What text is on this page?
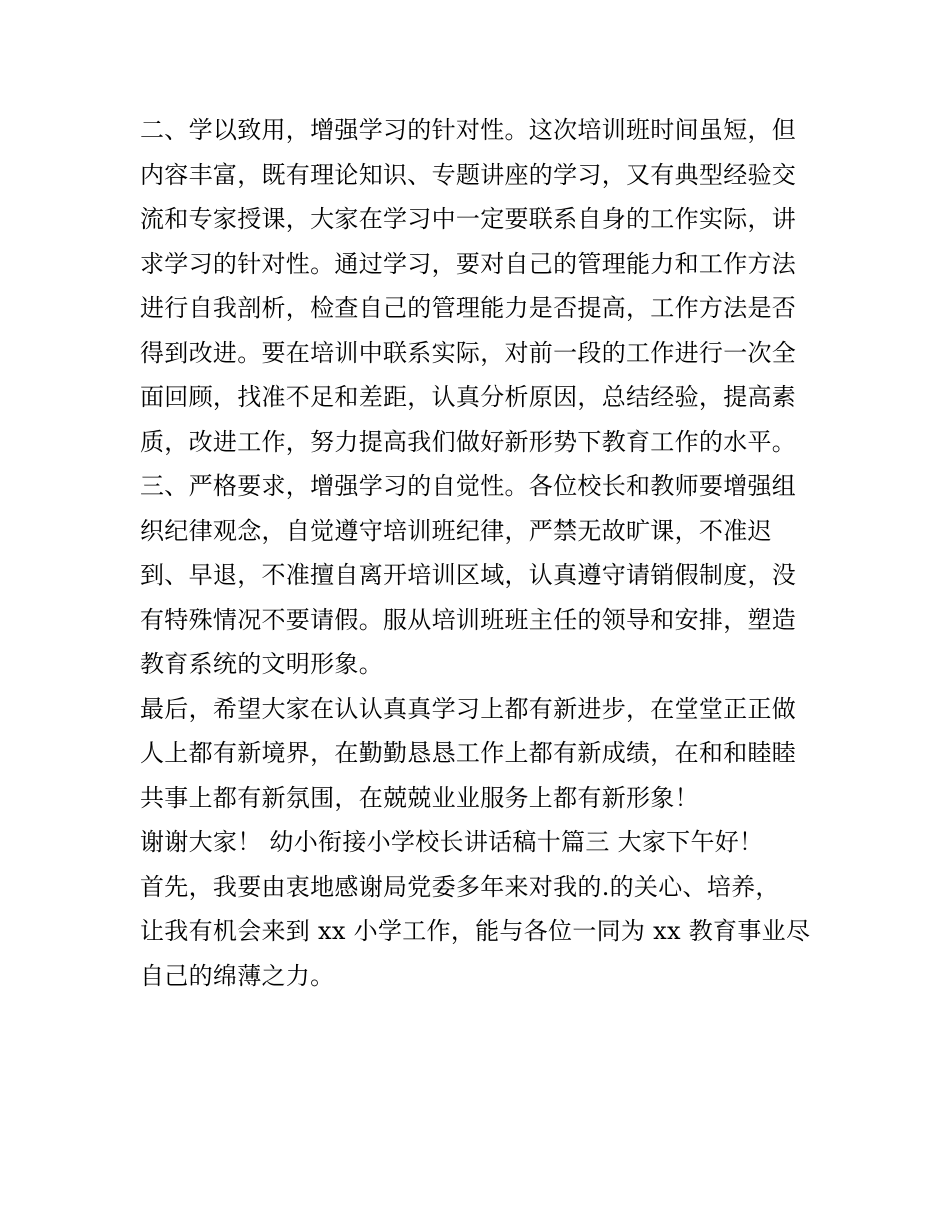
二、学以致用，增强学习的针对性。这次培训班时间虽短，但
内容丰富，既有理论知识、专题讲座的学习，又有典型经验交
流和专家授课，大家在学习中一定要联系自身的工作实际，讲
求学习的针对性。通过学习，要对自己的管理能力和工作方法
进行自我剖析，检查自己的管理能力是否提高，工作方法是否
得到改进。要在培训中联系实际，对前一段的工作进行一次全
面回顾，找准不足和差距，认真分析原因，总结经验，提高素
质，改进工作，努力提高我们做好新形势下教育工作的水平。
三、严格要求，增强学习的自觉性。各位校长和教师要增强组
织纪律观念，自觉遵守培训班纪律，严禁无故旷课，不准迟
到、早退，不准擅自离开培训区域，认真遵守请销假制度，没
有特殊情况不要请假。服从培训班班主任的领导和安排，塑造
教育系统的文明形象。
最后，希望大家在认认真真学习上都有新进步，在堂堂正正做
人上都有新境界，在勤勤恳恳工作上都有新成绩，在和和睦睦
共事上都有新氛围，在兢兢业业服务上都有新形象！
谢谢大家！ 幼小衔接小学校长讲话稿十篇三 大家下午好！
首先，我要由衷地感谢局党委多年来对我的.的关心、培养，
让我有机会来到 xx 小学工作，能与各位一同为 xx 教育事业尽
自己的绵薄之力。
